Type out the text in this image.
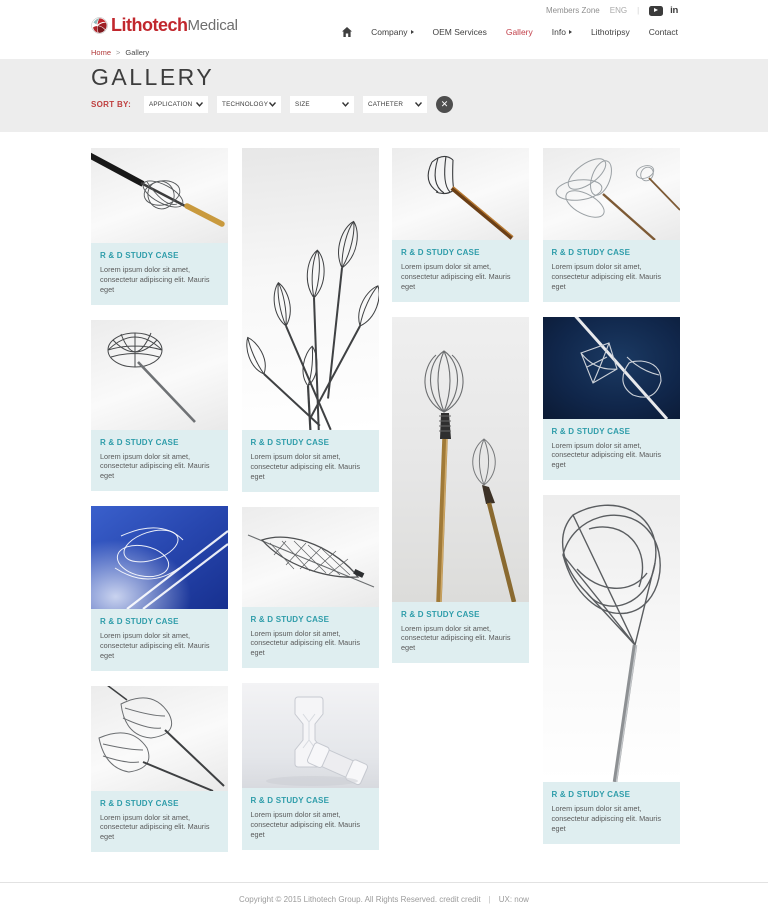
Members Zone ENG |	in
Lithotech Medical	Company	OEM Services Gallery Info	Lithotripsy Contact
Home > Gallery
GALLERY
SORT BY:	APPLICATION	TECHNOLOGY	SIZE	CATHETER	✕
R & D STUDY CASE

Lorem ipsum dolor sit amet, consectetur adipiscing elit. Mauris eget

R & D STUDY CASE

Lorem ipsum dolor sit amet, consectetur adipiscing elit. Mauris eget

R & D STUDY CASE

Lorem ipsum dolor sit amet, consectetur adipiscing elit. Mauris eget

R & D STUDY CASE

Lorem ipsum dolor sit amet, consectetur adipiscing elit. Mauris eget

R & D STUDY CASE

Lorem ipsum dolor sit amet, consectetur adipiscing elit. Mauris eget

R & D STUDY CASE

Lorem ipsum dolor sit amet, consectetur adipiscing elit. Mauris eget

R & D STUDY CASE

Lorem ipsum dolor sit amet, consectetur adipiscing elit. Mauris eget

R & D STUDY CASE

Lorem ipsum dolor sit amet, consectetur adipiscing elit. Mauris eget

R & D STUDY CASE

Lorem ipsum dolor sit amet, consectetur adipiscing elit. Mauris eget

R & D STUDY CASE

Lorem ipsum dolor sit amet, consectetur adipiscing elit. Mauris eget

R & D STUDY CASE

Lorem ipsum dolor sit amet, consectetur adipiscing elit. Mauris eget

R & D STUDY CASE

Lorem ipsum dolor sit amet, consectetur adipiscing elit. Mauris eget

Copyright © 2015 Lithotech Group. All Rights Reserved. credit credit | UX: now
